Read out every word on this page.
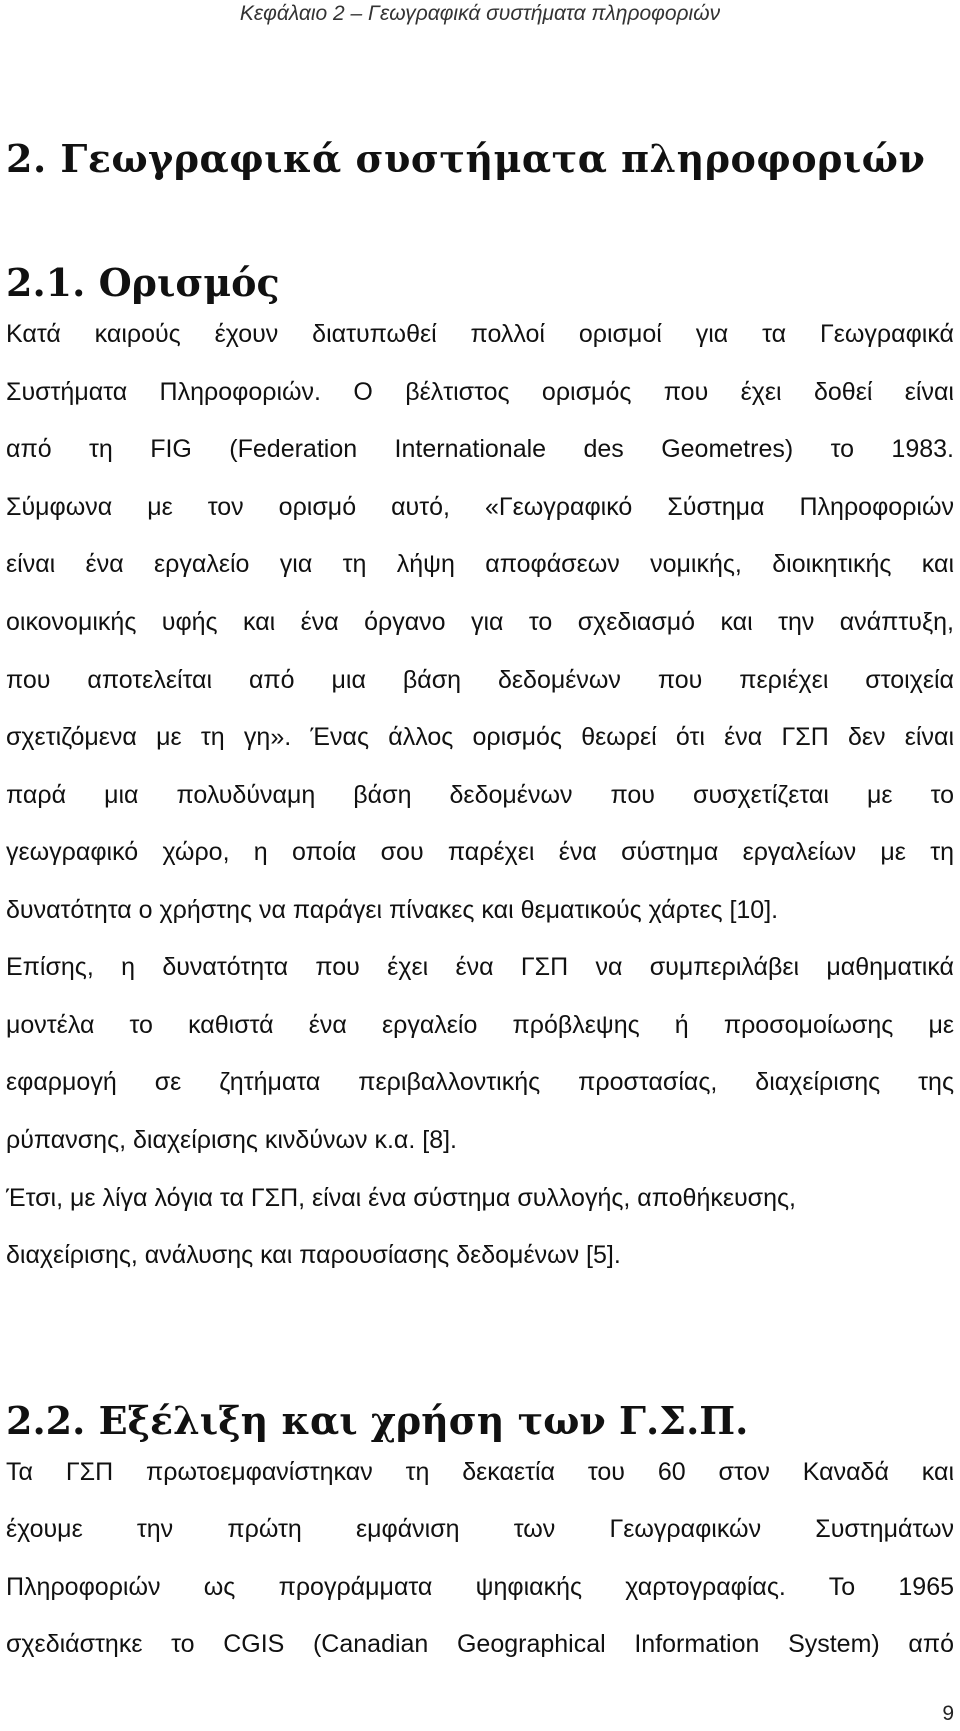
Κεφάλαιο 2 – Γεωγραφικά συστήματα πληροφοριών
2. Γεωγραφικά συστήματα πληροφοριών
2.1. Ορισμός
Κατά καιρούς έχουν διατυπωθεί πολλοί ορισμοί για τα Γεωγραφικά
Συστήματα Πληροφοριών. Ο βέλτιστος ορισμός που έχει δοθεί είναι
από τη FIG (Federation Internationale des Geometres) το 1983.
Σύμφωνα με τον ορισμό αυτό, «Γεωγραφικό Σύστημα Πληροφοριών
είναι ένα εργαλείο για τη λήψη αποφάσεων νομικής, διοικητικής και
οικονομικής υφής και ένα όργανο για το σχεδιασμό και την ανάπτυξη,
που αποτελείται από μια βάση δεδομένων που περιέχει στοιχεία
σχετιζόμενα με τη γη». Ένας άλλος ορισμός θεωρεί ότι ένα ΓΣΠ δεν είναι
παρά μια πολυδύναμη βάση δεδομένων που συσχετίζεται με το
γεωγραφικό χώρο, η οποία σου παρέχει ένα σύστημα εργαλείων με τη
δυνατότητα ο χρήστης να παράγει πίνακες και θεματικούς χάρτες [10].
Επίσης, η δυνατότητα που έχει ένα ΓΣΠ να συμπεριλάβει μαθηματικά
μοντέλα το καθιστά ένα εργαλείο πρόβλεψης ή προσομοίωσης με
εφαρμογή σε ζητήματα περιβαλλοντικής προστασίας, διαχείρισης της
ρύπανσης, διαχείρισης κινδύνων κ.α. [8].
Έτσι, με λίγα λόγια τα ΓΣΠ, είναι ένα σύστημα συλλογής, αποθήκευσης,
διαχείρισης, ανάλυσης και παρουσίασης δεδομένων [5].
2.2. Εξέλιξη και χρήση των Γ.Σ.Π.
Τα ΓΣΠ πρωτοεμφανίστηκαν τη δεκαετία του 60 στον Καναδά και
έχουμε την πρώτη εμφάνιση των Γεωγραφικών Συστημάτων
Πληροφοριών ως προγράμματα ψηφιακής χαρτογραφίας. Το 1965
σχεδιάστηκε το CGIS (Canadian Geographical Information System) από
9
